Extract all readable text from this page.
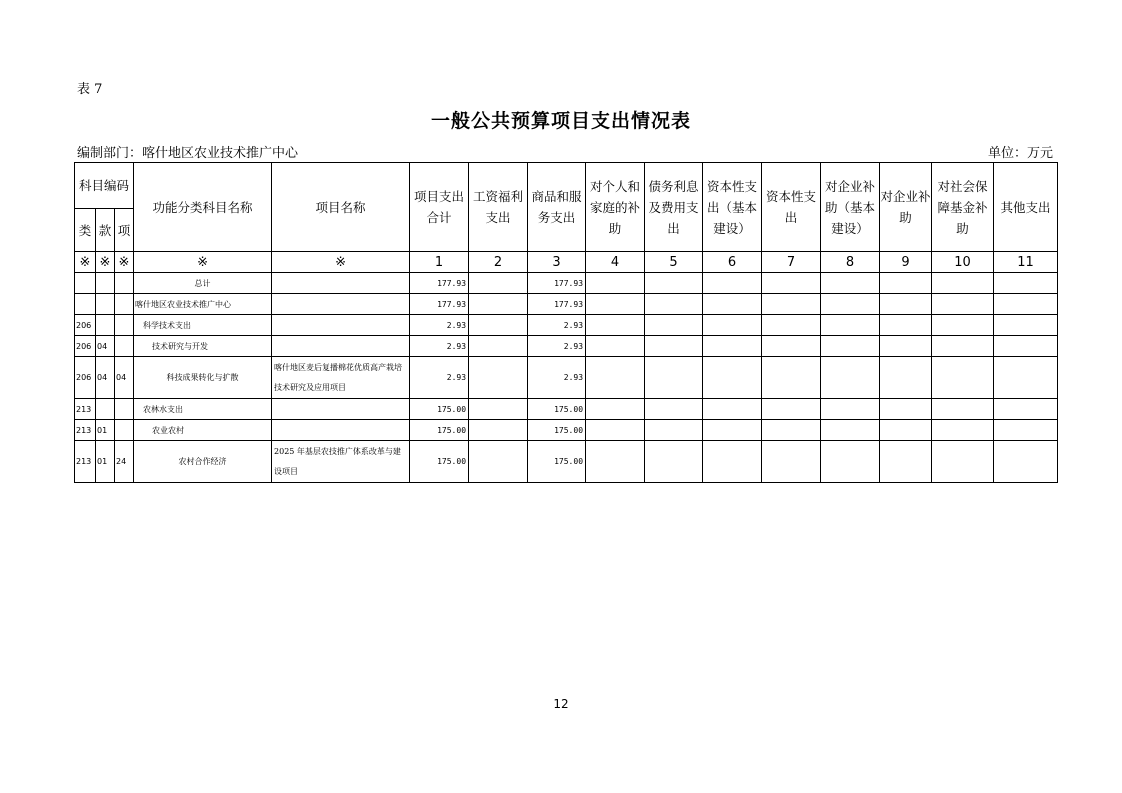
表 7
一般公共预算项目支出情况表
编制部门：喀什地区农业技术推广中心	单位：万元
科目编码			功能分类科目名称	项目名称	项目支出合计	工资福利支出	商品和服务支出	对个人和家庭的补助	债务利息及费用支出	资本性支出（基本建设）	资本性支出	对企业补助（基本建设）	对企业补助	对社会保障基金补助	其他支出
类	款	项													
※	※	※	※	※	1	2	3	4	5	6	7	8	9	10	11
			总计		177.93		177.93								
			喀什地区农业技术推广中心		177.93		177.93								
206			科学技术支出		2.93		2.93								
206	04		技术研究与开发		2.93		2.93								
206	04	04	科技成果转化与扩散	喀什地区麦后复播棉花优质高产栽培技术研究及应用项目	2.93		2.93								
213			农林水支出		175.00		175.00								
213	01		农业农村		175.00		175.00								
213	01	24	农村合作经济	2025 年基层农技推广体系改革与建设项目	175.00		175.00								
12
